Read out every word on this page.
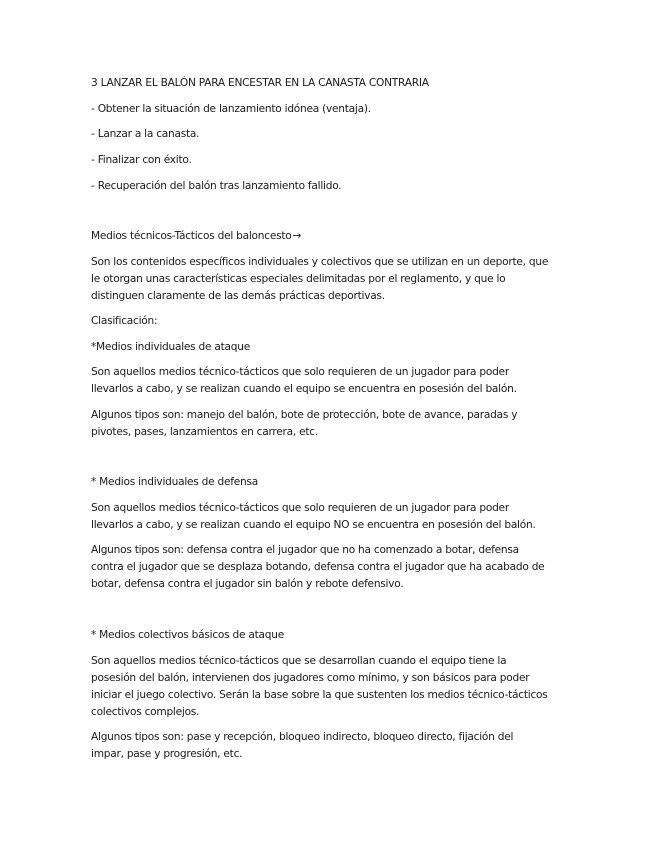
3 LANZAR EL BALÓN PARA ENCESTAR EN LA CANASTA CONTRARIA
- Obtener la situación de lanzamiento idónea (ventaja).
- Lanzar a la canasta.
- Finalizar con éxito.
- Recuperación del balón tras lanzamiento fallido.
Medios técnicos-Tácticos del baloncesto→
Son los contenidos específicos individuales y colectivos que se utilizan en un deporte, que
le otorgan unas características especiales delimitadas por el reglamento, y que lo
distinguen claramente de las demás prácticas deportivas.
Clasificación:
*Medios individuales de ataque
Son aquellos medios técnico-tácticos que solo requieren de un jugador para poder
llevarlos a cabo, y se realizan cuando el equipo se encuentra en posesión del balón.
Algunos tipos son: manejo del balón, bote de protección, bote de avance, paradas y
pivotes, pases, lanzamientos en carrera, etc.
* Medios individuales de defensa
Son aquellos medios técnico-tácticos que solo requieren de un jugador para poder
llevarlos a cabo, y se realizan cuando el equipo NO se encuentra en posesión del balón.
Algunos tipos son: defensa contra el jugador que no ha comenzado a botar, defensa
contra el jugador que se desplaza botando, defensa contra el jugador que ha acabado de
botar, defensa contra el jugador sin balón y rebote defensivo.
* Medios colectivos básicos de ataque
Son aquellos medios técnico-tácticos que se desarrollan cuando el equipo tiene la
posesión del balón, intervienen dos jugadores como mínimo, y son básicos para poder
iniciar el juego colectivo. Serán la base sobre la que sustenten los medios técnico-tácticos
colectivos complejos.
Algunos tipos son: pase y recepción, bloqueo indirecto, bloqueo directo, fijación del
impar, pase y progresión, etc.
